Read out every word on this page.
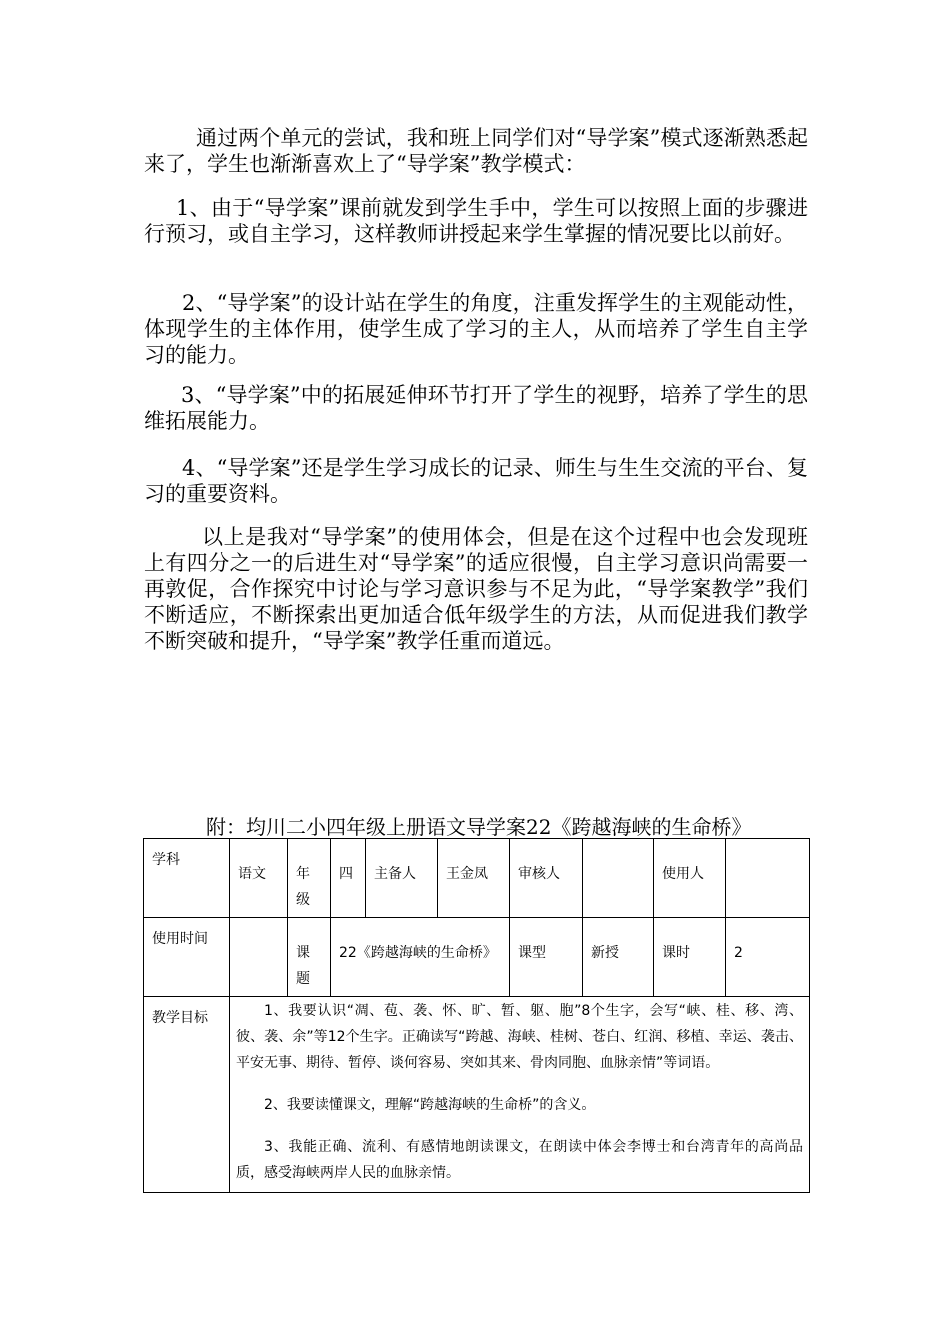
通过两个单元的尝试，我和班上同学们对“导学案”模式逐渐熟悉起来了，学生也渐渐喜欢上了“导学案”教学模式：

1、由于“导学案”课前就发到学生手中，学生可以按照上面的步骤进行预习，或自主学习，这样教师讲授起来学生掌握的情况要比以前好。

2、“导学案”的设计站在学生的角度，注重发挥学生的主观能动性，体现学生的主体作用，使学生成了学习的主人，从而培养了学生自主学习的能力。

3、“导学案”中的拓展延伸环节打开了学生的视野，培养了学生的思维拓展能力。

4、“导学案”还是学生学习成长的记录、师生与生生交流的平台、复习的重要资料。

以上是我对“导学案”的使用体会，但是在这个过程中也会发现班上有四分之一的后进生对“导学案”的适应很慢，自主学习意识尚需要一再敦促，合作探究中讨论与学习意识参与不足为此，“导学案教学”我们不断适应，不断探索出更加适合低年级学生的方法，从而促进我们教学不断突破和提升，“导学案”教学任重而道远。

附：均川二小四年级上册语文导学案22《跨越海峡的生命桥》

学科	语文	年级	四	主备人	王金凤	审核人		使用人	
使用时间		课题	22《跨越海峡的生命桥》			课型	新授	课时	2
教学目标	1、我要认识“凋、苞、袭、怀、旷、暂、躯、胞”8个生字，会写“峡、桂、移、湾、彼、袭、余”等12个生字。正确读写“跨越、海峡、桂树、苍白、红润、移植、幸运、袭击、平安无事、期待、暂停、谈何容易、突如其来、骨肉同胞、血脉亲情”等词语。

2、我要读懂课文，理解“跨越海峡的生命桥”的含义。

3、我能正确、流利、有感情地朗读课文，在朗读中体会李博士和台湾青年的高尚品质，感受海峡两岸人民的血脉亲情。								
